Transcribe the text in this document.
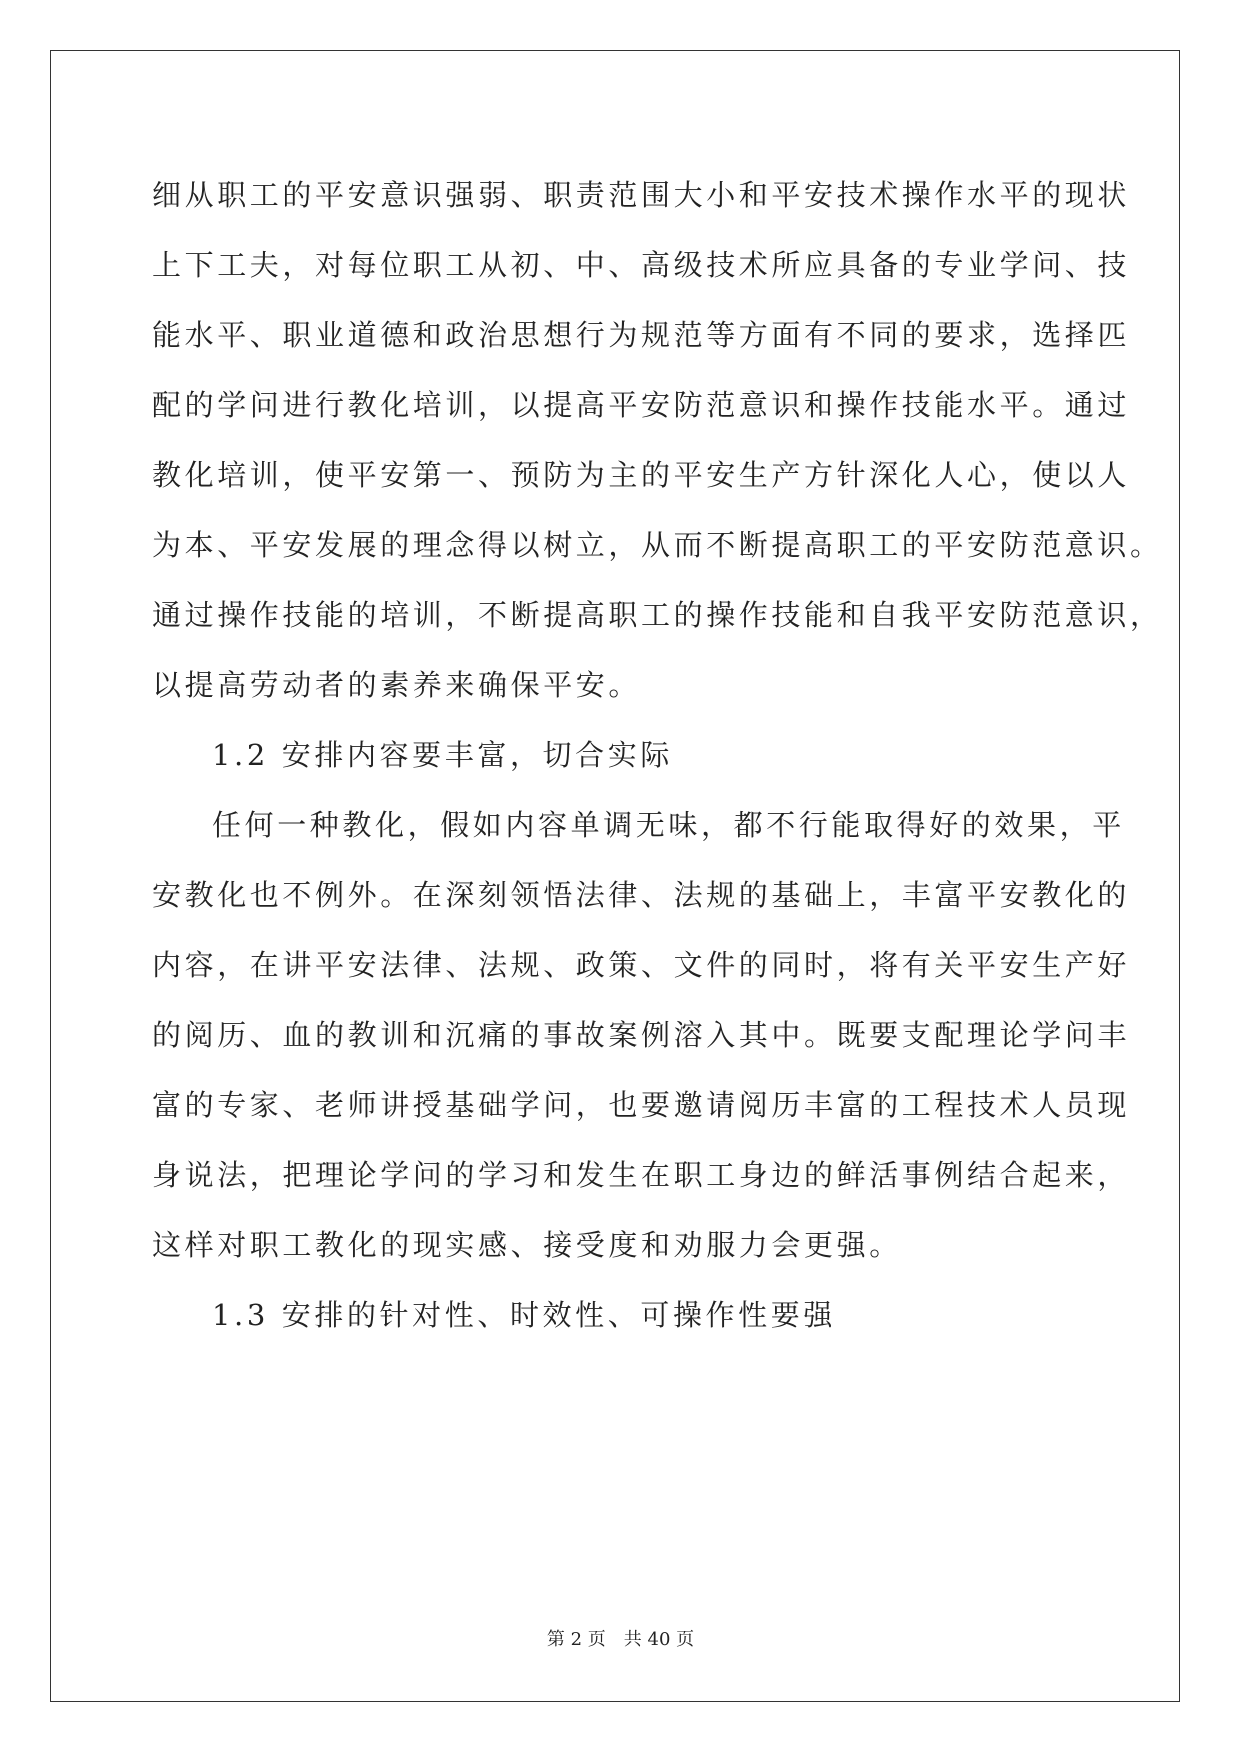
细从职工的平安意识强弱、职责范围大小和平安技术操作水平的现状

上下工夫，对每位职工从初、中、高级技术所应具备的专业学问、技

能水平、职业道德和政治思想行为规范等方面有不同的要求，选择匹

配的学问进行教化培训，以提高平安防范意识和操作技能水平。通过

教化培训，使平安第一、预防为主的平安生产方针深化人心，使以人

为本、平安发展的理念得以树立，从而不断提高职工的平安防范意识。

通过操作技能的培训，不断提高职工的操作技能和自我平安防范意识，

以提高劳动者的素养来确保平安。

1.2 安排内容要丰富，切合实际

任何一种教化，假如内容单调无味，都不行能取得好的效果，平

安教化也不例外。在深刻领悟法律、法规的基础上，丰富平安教化的

内容，在讲平安法律、法规、政策、文件的同时，将有关平安生产好

的阅历、血的教训和沉痛的事故案例溶入其中。既要支配理论学问丰

富的专家、老师讲授基础学问，也要邀请阅历丰富的工程技术人员现

身说法，把理论学问的学习和发生在职工身边的鲜活事例结合起来，

这样对职工教化的现实感、接受度和劝服力会更强。

1.3 安排的针对性、时效性、可操作性要强

第 2 页 共 40 页
